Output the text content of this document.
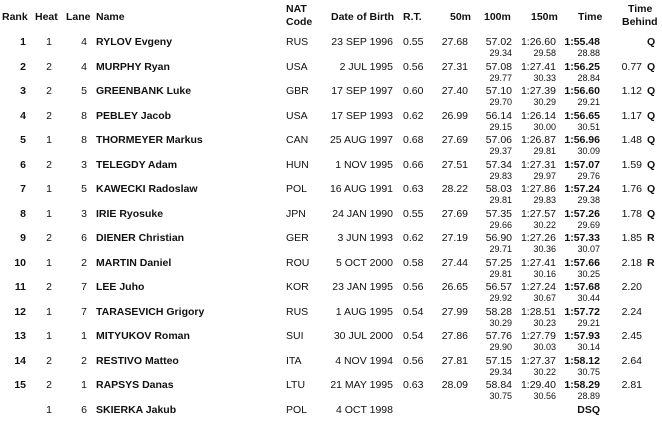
Rank Heat Lane Name
NAT
Code Date of Birth R.T.	50m 100m 150m Time
Time
Behind
1	1	4 RYLOV Evgeny	RUS	23 SEP 1996 0.55	27.68	57.02 1:26.60 1:55.48	Q
29.34	29.58	28.88
2	2	4 MURPHY Ryan	USA	2 JUL 1995 0.56	27.31	57.08 1:27.41 1:56.25	0.77 Q
29.77	30.33	28.84
3	2	5 GREENBANK Luke	GBR	17 SEP 1997 0.60	27.40	57.10 1:27.39 1:56.60	1.12 Q
29.70	30.29	29.21
4	2	8 PEBLEY Jacob	USA	17 SEP 1993 0.62	26.99	56.14 1:26.14 1:56.65	1.17 Q
29.15	30.00	30.51
5	1	8 THORMEYER Markus	CAN	25 AUG 1997 0.68	27.69	57.06 1:26.87 1:56.96	1.48 Q
29.37	29.81	30.09
6	2	3 TELEGDY Adam	HUN	1 NOV 1995 0.66	27.51	57.34 1:27.31 1:57.07	1.59 Q
29.83	29.97	29.76
7	1	5 KAWECKI Radoslaw	POL	16 AUG 1991 0.63	28.22	58.03 1:27.86 1:57.24	1.76 Q
29.81	29.83	29.38
8	1	3 IRIE Ryosuke	JPN	24 JAN 1990 0.55	27.69	57.35 1:27.57 1:57.26	1.78 Q
29.66	30.22	29.69
9	2	6 DIENER Christian	GER	3 JUN 1993 0.62	27.19	56.90 1:27.26 1:57.33	1.85 R
29.71	30.36	30.07
10	1	2 MARTIN Daniel	ROU	5 OCT 2000 0.58	27.44	57.25 1:27.41 1:57.66	2.18 R
29.81	30.16	30.25
11	2	7 LEE Juho	KOR	23 JAN 1995 0.56	26.65	56.57 1:27.24 1:57.68	2.20
29.92	30.67	30.44
12	1	7 TARASEVICH Grigory	RUS	1 AUG 1995 0.54	27.99	58.28 1:28.51 1:57.72	2.24
30.29	30.23	29.21
13	1	1 MITYUKOV Roman	SUI	30 JUL 2000 0.54	27.86	57.76 1:27.79 1:57.93	2.45
29.90	30.03	30.14
14	2	2 RESTIVO Matteo	ITA	4 NOV 1994 0.56	27.81	57.15 1:27.37 1:58.12	2.64
29.34	30.22	30.75
15	2	1 RAPSYS Danas	LTU	21 MAY 1995 0.63	28.09	58.84 1:29.40 1:58.29	2.81
30.75	30.56	28.89
1	6 SKIERKA Jakub	POL	4 OCT 1998	DSQ
